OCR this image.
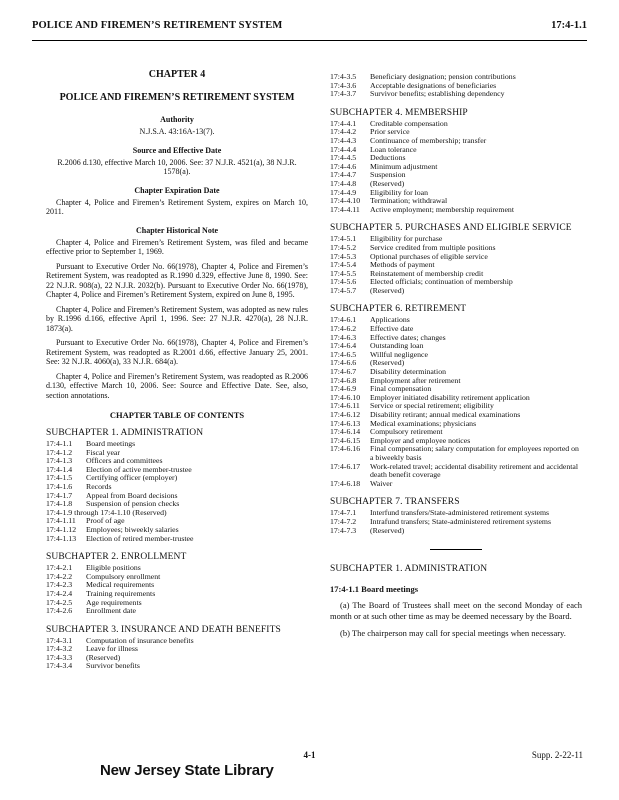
POLICE AND FIREMEN’S RETIREMENT SYSTEM	17:4-1.1
CHAPTER 4
POLICE AND FIREMEN’S RETIREMENT SYSTEM
Authority
N.J.S.A. 43:16A-13(7).
Source and Effective Date
R.2006 d.130, effective March 10, 2006. See: 37 N.J.R. 4521(a), 38 N.J.R. 1578(a).
Chapter Expiration Date
Chapter 4, Police and Firemen’s Retirement System, expires on March 10, 2011.
Chapter Historical Note
Chapter 4, Police and Firemen’s Retirement System, was filed and became effective prior to September 1, 1969.
Pursuant to Executive Order No. 66(1978), Chapter 4, Police and Firemen’s Retirement System, was readopted as R.1990 d.329, effective June 8, 1990. See: 22 N.J.R. 908(a), 22 N.J.R. 2032(b). Pursuant to Executive Order No. 66(1978), Chapter 4, Police and Firemen’s Retirement System, expired on June 8, 1995.
Chapter 4, Police and Firemen’s Retirement System, was adopted as new rules by R.1996 d.166, effective April 1, 1996. See: 27 N.J.R. 4270(a), 28 N.J.R. 1873(a).
Pursuant to Executive Order No. 66(1978), Chapter 4, Police and Firemen’s Retirement System, was readopted as R.2001 d.66, effective January 25, 2001. See: 32 N.J.R. 4060(a), 33 N.J.R. 684(a).
Chapter 4, Police and Firemen’s Retirement System, was readopted as R.2006 d.130, effective March 10, 2006. See: Source and Effective Date. See, also, section annotations.
CHAPTER TABLE OF CONTENTS
SUBCHAPTER 1. ADMINISTRATION
17:4-1.1	Board meetings
17:4-1.2	Fiscal year
17:4-1.3	Officers and committees
17:4-1.4	Election of active member-trustee
17:4-1.5	Certifying officer (employer)
17:4-1.6	Records
17:4-1.7	Appeal from Board decisions
17:4-1.8	Suspension of pension checks
17:4-1.9 through 17:4-1.10 (Reserved)
17:4-1.11	Proof of age
17:4-1.12	Employees; biweekly salaries
17:4-1.13	Election of retired member-trustee
SUBCHAPTER 2. ENROLLMENT
17:4-2.1	Eligible positions
17:4-2.2	Compulsory enrollment
17:4-2.3	Medical requirements
17:4-2.4	Training requirements
17:4-2.5	Age requirements
17:4-2.6	Enrollment date
SUBCHAPTER 3. INSURANCE AND DEATH BENEFITS
17:4-3.1	Computation of insurance benefits
17:4-3.2	Leave for illness
17:4-3.3	(Reserved)
17:4-3.4	Survivor benefits
17:4-3.5	Beneficiary designation; pension contributions
17:4-3.6	Acceptable designations of beneficiaries
17:4-3.7	Survivor benefits; establishing dependency
SUBCHAPTER 4. MEMBERSHIP
17:4-4.1	Creditable compensation
17:4-4.2	Prior service
17:4-4.3	Continuance of membership; transfer
17:4-4.4	Loan tolerance
17:4-4.5	Deductions
17:4-4.6	Minimum adjustment
17:4-4.7	Suspension
17:4-4.8	(Reserved)
17:4-4.9	Eligibility for loan
17:4-4.10	Termination; withdrawal
17:4-4.11	Active employment; membership requirement
SUBCHAPTER 5. PURCHASES AND ELIGIBLE SERVICE
17:4-5.1	Eligibility for purchase
17:4-5.2	Service credited from multiple positions
17:4-5.3	Optional purchases of eligible service
17:4-5.4	Methods of payment
17:4-5.5	Reinstatement of membership credit
17:4-5.6	Elected officials; continuation of membership
17:4-5.7	(Reserved)
SUBCHAPTER 6. RETIREMENT
17:4-6.1	Applications
17:4-6.2	Effective date
17:4-6.3	Effective dates; changes
17:4-6.4	Outstanding loan
17:4-6.5	Willful negligence
17:4-6.6	(Reserved)
17:4-6.7	Disability determination
17:4-6.8	Employment after retirement
17:4-6.9	Final compensation
17:4-6.10	Employer initiated disability retirement application
17:4-6.11	Service or special retirement; eligibility
17:4-6.12	Disability retirant; annual medical examinations
17:4-6.13	Medical examinations; physicians
17:4-6.14	Compulsory retirement
17:4-6.15	Employer and employee notices
17:4-6.16	Final compensation; salary computation for employees reported on a biweekly basis
17:4-6.17	Work-related travel; accidental disability retirement and accidental death benefit coverage
17:4-6.18	Waiver
SUBCHAPTER 7. TRANSFERS
17:4-7.1	Interfund transfers/State-administered retirement systems
17:4-7.2	Intrafund transfers; State-administered retirement systems
17:4-7.3	(Reserved)
SUBCHAPTER 1. ADMINISTRATION
17:4-1.1 Board meetings
(a) The Board of Trustees shall meet on the second Monday of each month or at such other time as may be deemed necessary by the Board.
(b) The chairperson may call for special meetings when necessary.
4-1	Supp. 2-22-11
New Jersey State Library
